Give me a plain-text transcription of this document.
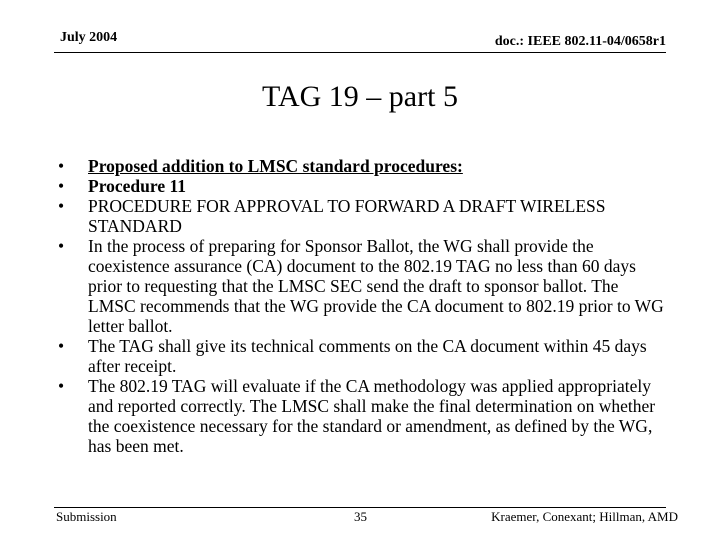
July 2004	doc.: IEEE 802.11-04/0658r1
TAG 19 – part 5
• Proposed addition to LMSC standard procedures:
• Procedure 11
• PROCEDURE FOR APPROVAL TO FORWARD A DRAFT WIRELESS STANDARD
• In the process of preparing for Sponsor Ballot, the WG shall provide the coexistence assurance (CA) document to the 802.19 TAG no less than 60 days prior to requesting that the LMSC SEC send the draft to sponsor ballot. The LMSC recommends that the WG provide the CA document to 802.19 prior to WG letter ballot.
• The TAG shall give its technical comments on the CA document within 45 days after receipt.
• The 802.19 TAG will evaluate if the CA methodology was applied appropriately and reported correctly. The LMSC shall make the final determination on whether the coexistence necessary for the standard or amendment, as defined by the WG, has been met.
Submission	35	Kraemer, Conexant; Hillman, AMD
